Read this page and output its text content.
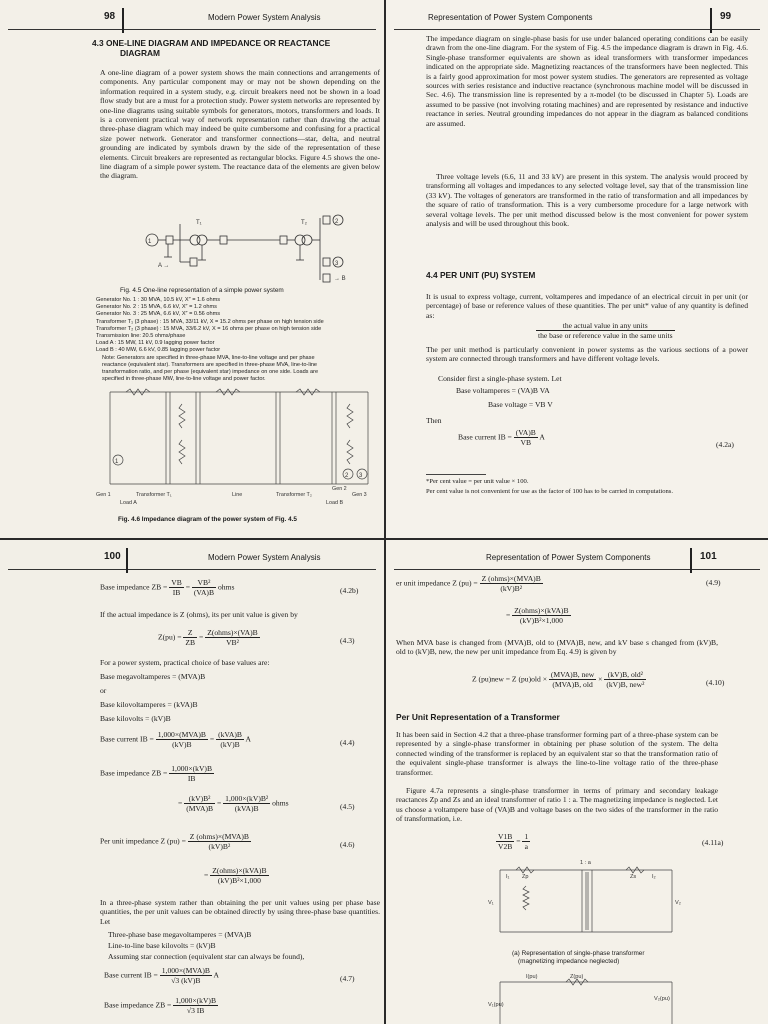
98	Modern Power System Analysis
4.3 ONE-LINE DIAGRAM AND IMPEDANCE OR REACTANCE
DIAGRAM
A one-line diagram of a power system shows the main connections and arrangements of components. Any particular component may or may not be shown depending on the information required in a system study, e.g. circuit breakers need not be shown in a load flow study but are a must for a protection study. Power system networks are represented by one-line diagrams using suitable symbols for generators, motors, transformers and loads. It is a convenient practical way of network representation rather than drawing the actual three-phase diagram which may indeed be quite cumbersome and confusing for a practical size power network. Generator and transformer connections—star, delta, and neutral grounding are indicated by symbols drawn by the side of the representation of these elements. Circuit breakers are represented as rectangular blocks. Figure 4.5 shows the one-line diagram of a simple power system. The reactance data of the elements are given below the diagram.
1
2
3
T₁	T₂
A →
→ B
Fig. 4.5 One-line representation of a simple power system
Generator No. 1 : 30 MVA, 10.5 kV, X″ = 1.6 ohms
Generator No. 2 : 15 MVA, 6.6 kV, X″ = 1.2 ohms
Generator No. 3 : 25 MVA, 6.6 kV, X″ = 0.56 ohms
Transformer T₁ (3 phase) : 15 MVA, 33/11 kV, X = 15.2 ohms per phase on high tension side
Transformer T₂ (3 phase) : 15 MVA, 33/6.2 kV, X = 16 ohms per phase on high tension side
Transmission line: 20.5 ohms/phase
Load A : 15 MW, 11 kV, 0.9 lagging power factor
Load B : 40 MW, 6.6 kV, 0.85 lagging power factor
Note: Generators are specified in three-phase MVA, line-to-line voltage and per phase
reactance (equivalent star). Transformers are specified in three-phase MVA, line-to-line
transformation ratio, and per phase (equivalent star) impedance on one side. Loads are
specified in three-phase MW, line-to-line voltage and power factor.
1
2 3
Gen 1	Transformer T₁	Line	Transformer T₂
Gen 2
Gen 3
Load A	Load B
Fig. 4.6 Impedance diagram of the power system of Fig. 4.5
Representation of Power System Components	99
The impedance diagram on single-phase basis for use under balanced operating conditions can be easily drawn from the one-line diagram. For the system of Fig. 4.5 the impedance diagram is drawn in Fig. 4.6. Single-phase transformer equivalents are shown as ideal transformers with transformer impedances indicated on the appropriate side. Magnetizing reactances of the transformers have been neglected. This is a fairly good approximation for most power system studies. The generators are represented as voltage sources with series resistance and inductive reactance (synchronous machine model will be discussed in Sec. 4.6). The transmission line is represented by a π-model (to be discussed in Chapter 5). Loads are assumed to be passive (not involving rotating machines) and are represented by resistance and inductive reactance in series. Neutral grounding impedances do not appear in the diagram as balanced conditions are assumed.
Three voltage levels (6.6, 11 and 33 kV) are present in this system. The analysis would proceed by transforming all voltages and impedances to any selected voltage level, say that of the transmission line (33 kV). The voltages of generators are transformed in the ratio of transformation and all impedances by the square of ratio of transformation. This is a very cumbersome procedure for a large network with several voltage levels. The per unit method discussed below is the most convenient for power system analysis and will be used throughout this book.
4.4 PER UNIT (PU) SYSTEM
It is usual to express voltage, current, voltamperes and impedance of an electrical circuit in per unit (or percentage) of base or reference values of these quantities. The per unit* value of any quantity is defined as:
$\frac{\text{the actual value in any units}}{\text{the base or reference value in the same units}}$
The per unit method is particularly convenient in power systems as the various sections of a power system are connected through transformers and have different voltage levels.
Consider first a single-phase system. Let
Base voltamperes = (VA)B VA
Base voltage = VB V
Then
Base current IB = $\frac{(VA)B}{VB}$ A
(4.2a)
*Per cent value = per unit value × 100.
Per cent value is not convenient for use as the factor of 100 has to be carried in computations.
100	Modern Power System Analysis
Base impedance ZB = $\frac{VB}{IB} = \frac{\text{VB²}}{(VA)B}$ ohms	(4.2b)
If the actual impedance is Z (ohms), its per unit value is given by
$Z(pu) = \frac{Z}{ZB} = \frac{\text{Z(ohms)×(VA)B}}{\text{VB²}}$	(4.3)
For a power system, practical choice of base values are:
Base megavoltamperes = (MVA)B
or
Base kilovoltamperes = (kVA)B
Base kilovolts = (kV)B
Base current IB = $\frac{\text{1,000×(MVA)B}}{(kV)B} = \frac{\text{(kVA)B}}{(kV)B}$ A	(4.4)
Base impedance ZB = $\frac{1,000\times(kV)B}{IB}$
= $\frac{\text{(kV)B²}}{\text{(MVA)B}} = \frac{\text{1,000×(kV)B²}}{\text{(kVA)B}}$ ohms	(4.5)
Per unit impedance Z $(pu) = \frac{\text{Z (ohms)×(MVA)B}}{\text{(kV)B²}}$	(4.6)
= $\frac{\text{Z(ohms)×(kVA)B}}{\text{(kV)B²×1,000}}$
In a three-phase system rather than obtaining the per unit values using per phase base quantities, the per unit values can be obtained directly by using three-phase base quantities. Let
Three-phase base megavoltamperes = (MVA)B
Line-to-line base kilovolts = (kV)B
Assuming star connection (equivalent star can always be found),
Base current IB = $\frac{\text{1,000×(MVA)B}}{√3 (kV)B}$ A	(4.7)
Base impedance ZB = $\frac{1,000\times(kV)B}{√3 IB}$
Representation of Power System Components	101
er unit impedance Z $(pu) = \frac{\text{Z (ohms)×(MVA)B}}{\text{(kV)B²}}$	(4.9)
= $\frac{\text{Z(ohms)×(kVA)B}}{\text{(kV)B²×1,000}}$
When MVA base is changed from (MVA)B, old to (MVA)B, new, and kV base s changed from (kV)B, old to (kV)B, new, the new per unit impedance from Eq. 4.9) is given by
Z (pu)new = Z $(pu)old \times \frac{\text{(MVA)B, new}}{\text{(MVA)B, old}} \times \frac{\text{(kV)B, old²}}{\text{(kV)B, new²}}$	(4.10)
Per Unit Representation of a Transformer
It has been said in Section 4.2 that a three-phase transformer forming part of a three-phase system can be represented by a single-phase transformer in obtaining per phase solution of the system. The delta connected winding of the transformer is replaced by an equivalent star so that the transformation ratio of the equivalent single-phase transformer is always the line-to-line voltage ratio of the three-phase transformer.
Figure 4.7a represents a single-phase transformer in terms of primary and secondary leakage reactances Zp and Zs and an ideal transformer of ratio 1 : a. The magnetizing impedance is neglected. Let us choose a voltampere base of (VA)B and voltage bases on the two sides of the transformer in the ratio of transformation, i.e.
$\frac{V1B}{V2B} = \frac{1}{a}$	(4.11a)
1 : a
I₁ Zp	Zs	I₂
V₁	V₂
(a) Representation of single-phase transformer
(magnetizing impedance neglected)
I(pu)	Z(pu)
V₁(pu)
V₂(pu)
